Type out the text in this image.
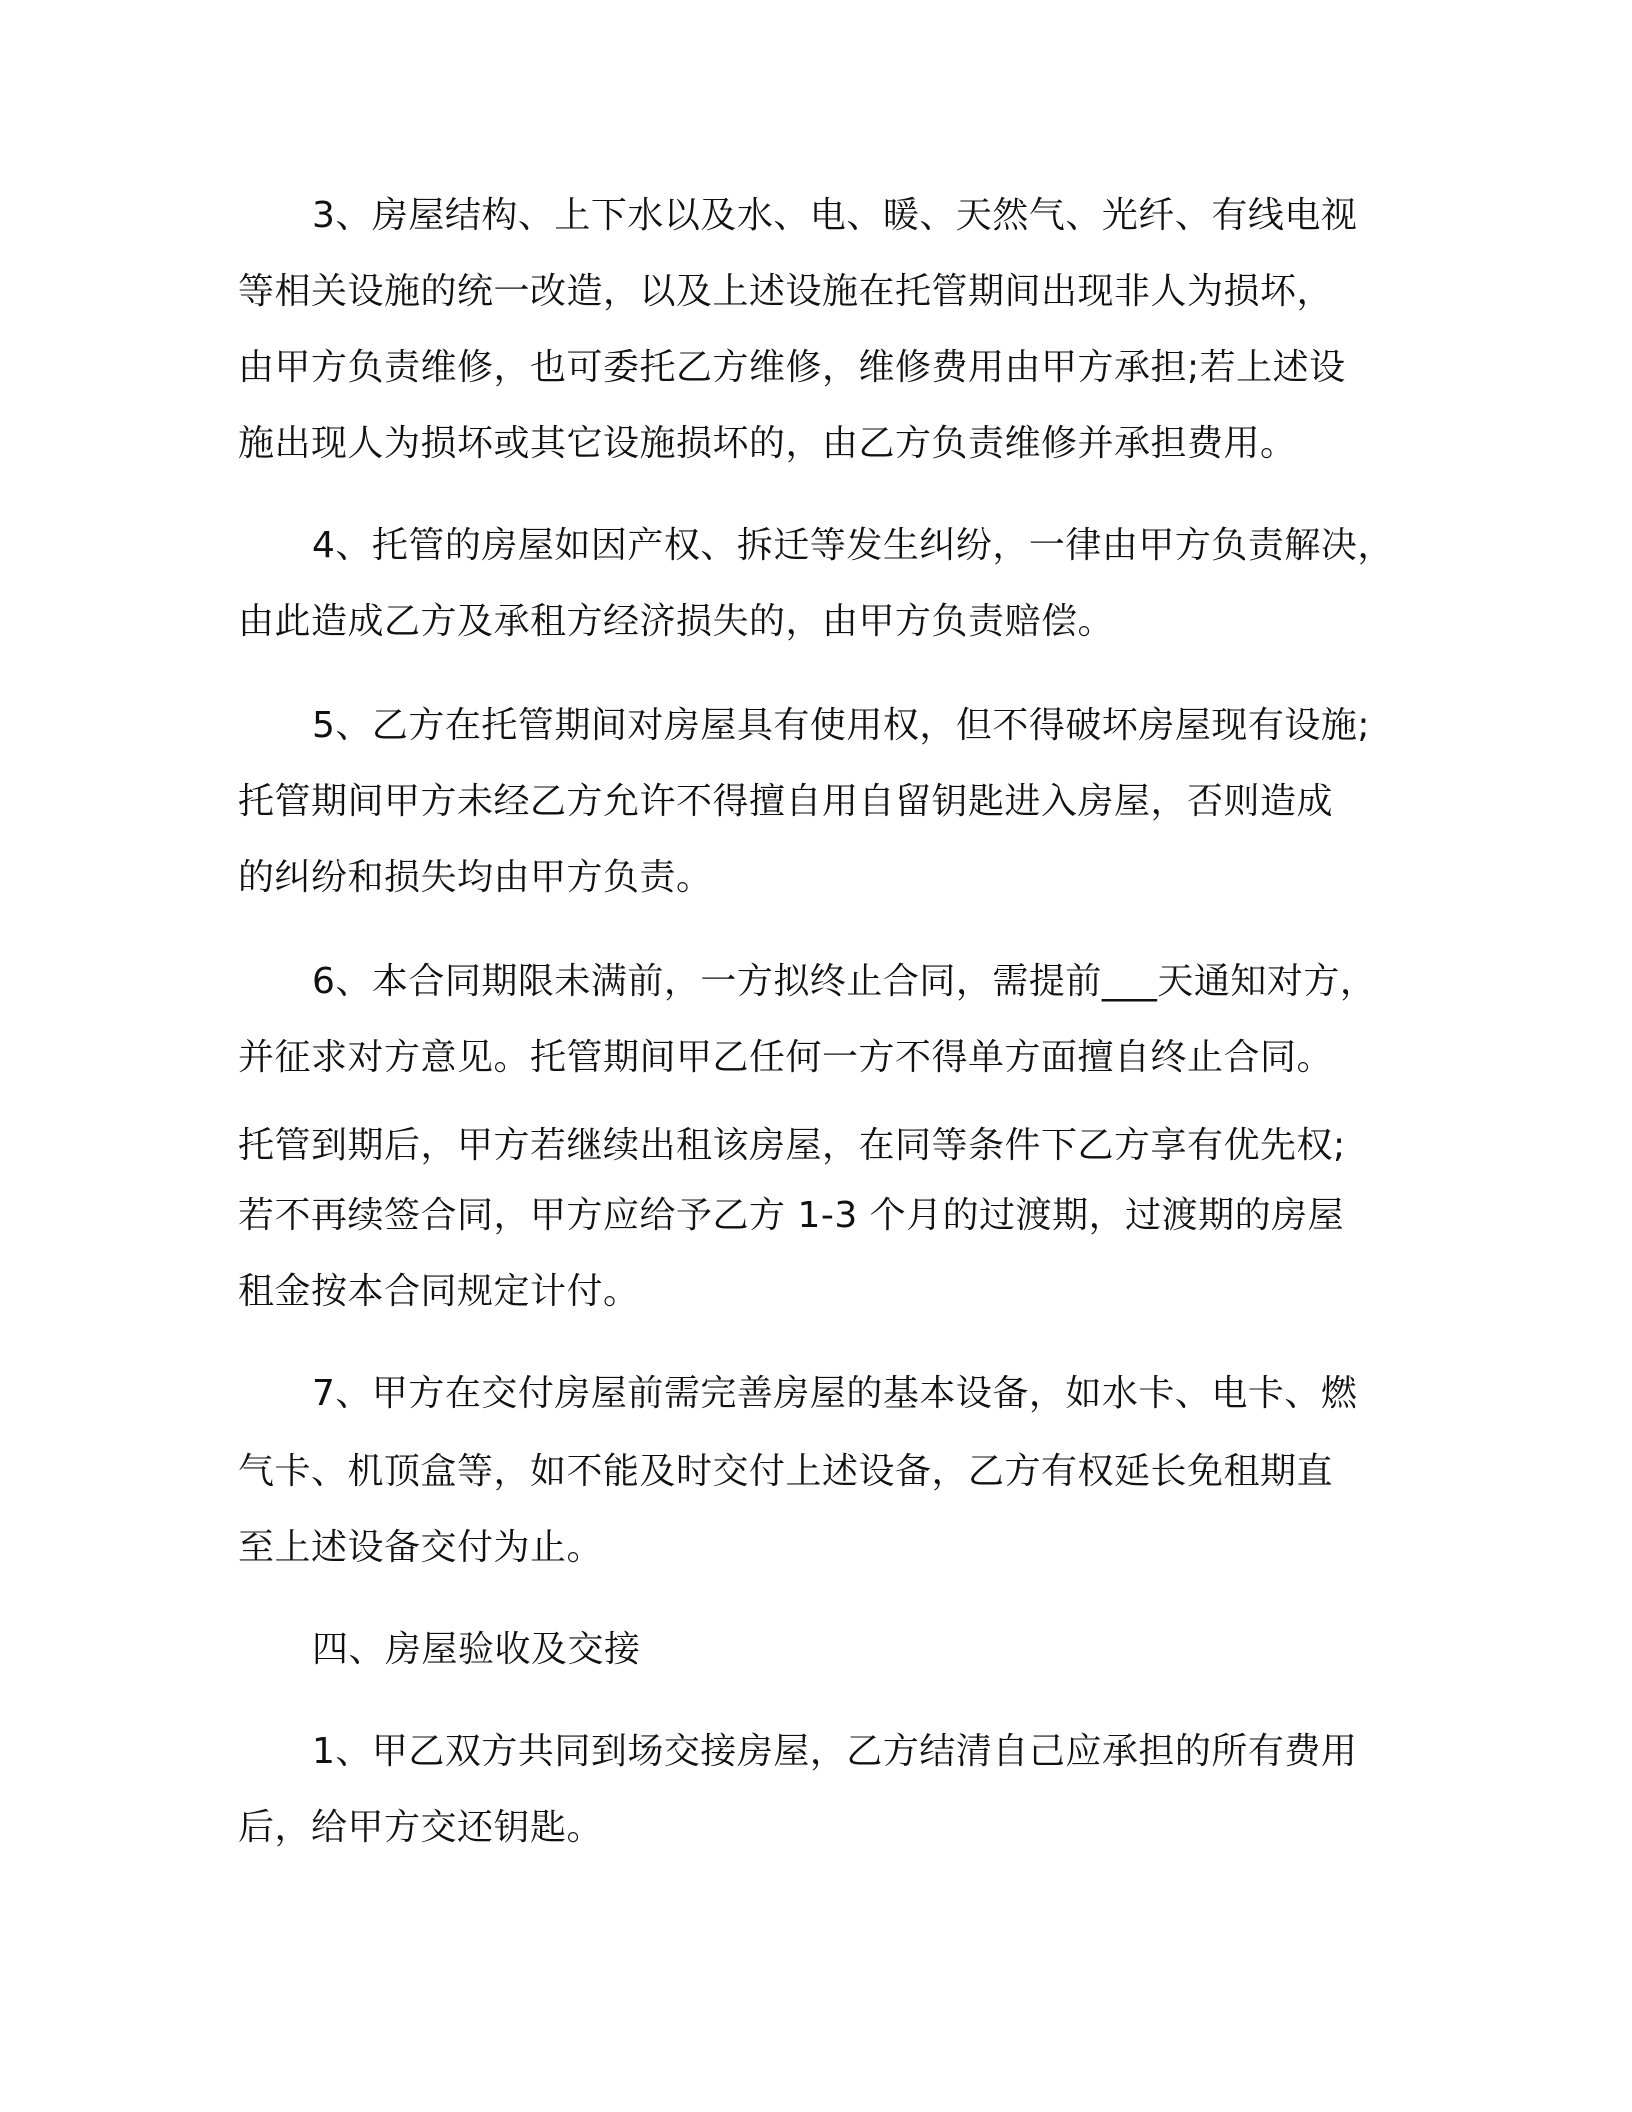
3、房屋结构、上下水以及水、电、暖、天然气、光纤、有线电视
等相关设施的统一改造，以及上述设施在托管期间出现非人为损坏，
由甲方负责维修，也可委托乙方维修，维修费用由甲方承担;若上述设
施出现人为损坏或其它设施损坏的，由乙方负责维修并承担费用。
4、托管的房屋如因产权、拆迁等发生纠纷，一律由甲方负责解决，
由此造成乙方及承租方经济损失的，由甲方负责赔偿。
5、乙方在托管期间对房屋具有使用权，但不得破坏房屋现有设施;
托管期间甲方未经乙方允许不得擅自用自留钥匙进入房屋，否则造成
的纠纷和损失均由甲方负责。
6、本合同期限未满前，一方拟终止合同，需提前___天通知对方，
并征求对方意见。托管期间甲乙任何一方不得单方面擅自终止合同。
托管到期后，甲方若继续出租该房屋，在同等条件下乙方享有优先权;
若不再续签合同，甲方应给予乙方 1-3 个月的过渡期，过渡期的房屋
租金按本合同规定计付。
7、甲方在交付房屋前需完善房屋的基本设备，如水卡、电卡、燃
气卡、机顶盒等，如不能及时交付上述设备，乙方有权延长免租期直
至上述设备交付为止。
四、房屋验收及交接
1、甲乙双方共同到场交接房屋，乙方结清自己应承担的所有费用
后，给甲方交还钥匙。
